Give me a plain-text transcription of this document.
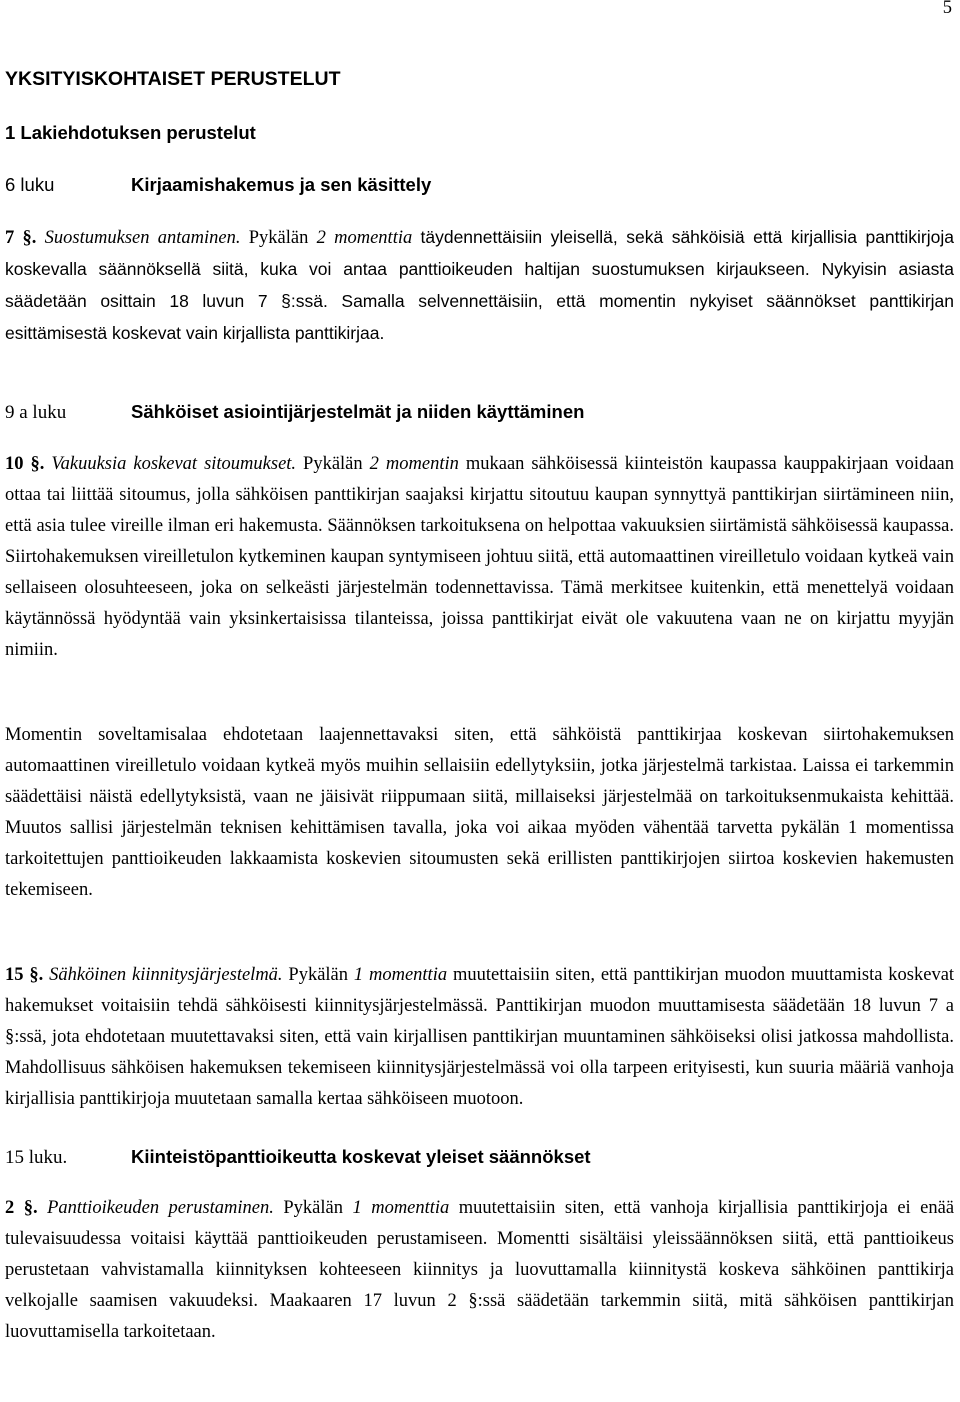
5
YKSITYISKOHTAISET PERUSTELUT
1 Lakiehdotuksen perustelut
6 luku	Kirjaamishakemus ja sen käsittely
7 §. Suostumuksen antaminen. Pykälän 2 momenttia täydennettäisiin yleisellä, sekä sähköisiä että kirjallisia panttikirjoja koskevalla säännöksellä siitä, kuka voi antaa panttioikeuden haltijan suostumuksen kirjaukseen. Nykyisin asiasta säädetään osittain 18 luvun 7 §:ssä. Samalla selvennettäisiin, että momentin nykyiset säännökset panttikirjan esittämisestä koskevat vain kirjallista panttikirjaa.
9 a luku	Sähköiset asiointijärjestelmät ja niiden käyttäminen
10 §. Vakuuksia koskevat sitoumukset. Pykälän 2 momentin mukaan sähköisessä kiinteistön kaupassa kauppakirjaan voidaan ottaa tai liittää sitoumus, jolla sähköisen panttikirjan saajaksi kirjattu sitoutuu kaupan synnyttyä panttikirjan siirtämineen niin, että asia tulee vireille ilman eri hakemusta. Säännöksen tarkoituksena on helpottaa vakuuksien siirtämistä sähköisessä kaupassa. Siirtohakemuksen vireilletulon kytkeminen kaupan syntymiseen johtuu siitä, että automaattinen vireilletulo voidaan kytkeä vain sellaiseen olosuhteeseen, joka on selkeästi järjestelmän todennettavissa. Tämä merkitsee kuitenkin, että menettelyä voidaan käytännössä hyödyntää vain yksinkertaisissa tilanteissa, joissa panttikirjat eivät ole vakuutena vaan ne on kirjattu myyjän nimiin.
Momentin soveltamisalaa ehdotetaan laajennettavaksi siten, että sähköistä panttikirjaa koskevan siirtohakemuksen automaattinen vireilletulo voidaan kytkeä myös muihin sellaisiin edellytyksiin, jotka järjestelmä tarkistaa. Laissa ei tarkemmin säädettäisi näistä edellytyksistä, vaan ne jäisivät riippumaan siitä, millaiseksi järjestelmää on tarkoituksenmukaista kehittää. Muutos sallisi järjestelmän teknisen kehittämisen tavalla, joka voi aikaa myöden vähentää tarvetta pykälän 1 momentissa tarkoitettujen panttioikeuden lakkaamista koskevien sitoumusten sekä erillisten panttikirjojen siirtoa koskevien hakemusten tekemiseen.
15 §. Sähköinen kiinnitysjärjestelmä. Pykälän 1 momenttia muutettaisiin siten, että panttikirjan muodon muuttamista koskevat hakemukset voitaisiin tehdä sähköisesti kiinnitysjärjestelmässä. Panttikirjan muodon muuttamisesta säädetään 18 luvun 7 a §:ssä, jota ehdotetaan muutettavaksi siten, että vain kirjallisen panttikirjan muuntaminen sähköiseksi olisi jatkossa mahdollista. Mahdollisuus sähköisen hakemuksen tekemiseen kiinnitysjärjestelmässä voi olla tarpeen erityisesti, kun suuria määriä vanhoja kirjallisia panttikirjoja muutetaan samalla kertaa sähköiseen muotoon.
15 luku.	Kiinteistöpanttioikeutta koskevat yleiset säännökset
2 §. Panttioikeuden perustaminen. Pykälän 1 momenttia muutettaisiin siten, että vanhoja kirjallisia panttikirjoja ei enää tulevaisuudessa voitaisi käyttää panttioikeuden perustamiseen. Momentti sisältäisi yleissäännöksen siitä, että panttioikeus perustetaan vahvistamalla kiinnityksen kohteeseen kiinnitys ja luovuttamalla kiinnitystä koskeva sähköinen panttikirja velkojalle saamisen vakuudeksi. Maakaaren 17 luvun 2 §:ssä säädetään tarkemmin siitä, mitä sähköisen panttikirjan luovuttamisella tarkoitetaan.
